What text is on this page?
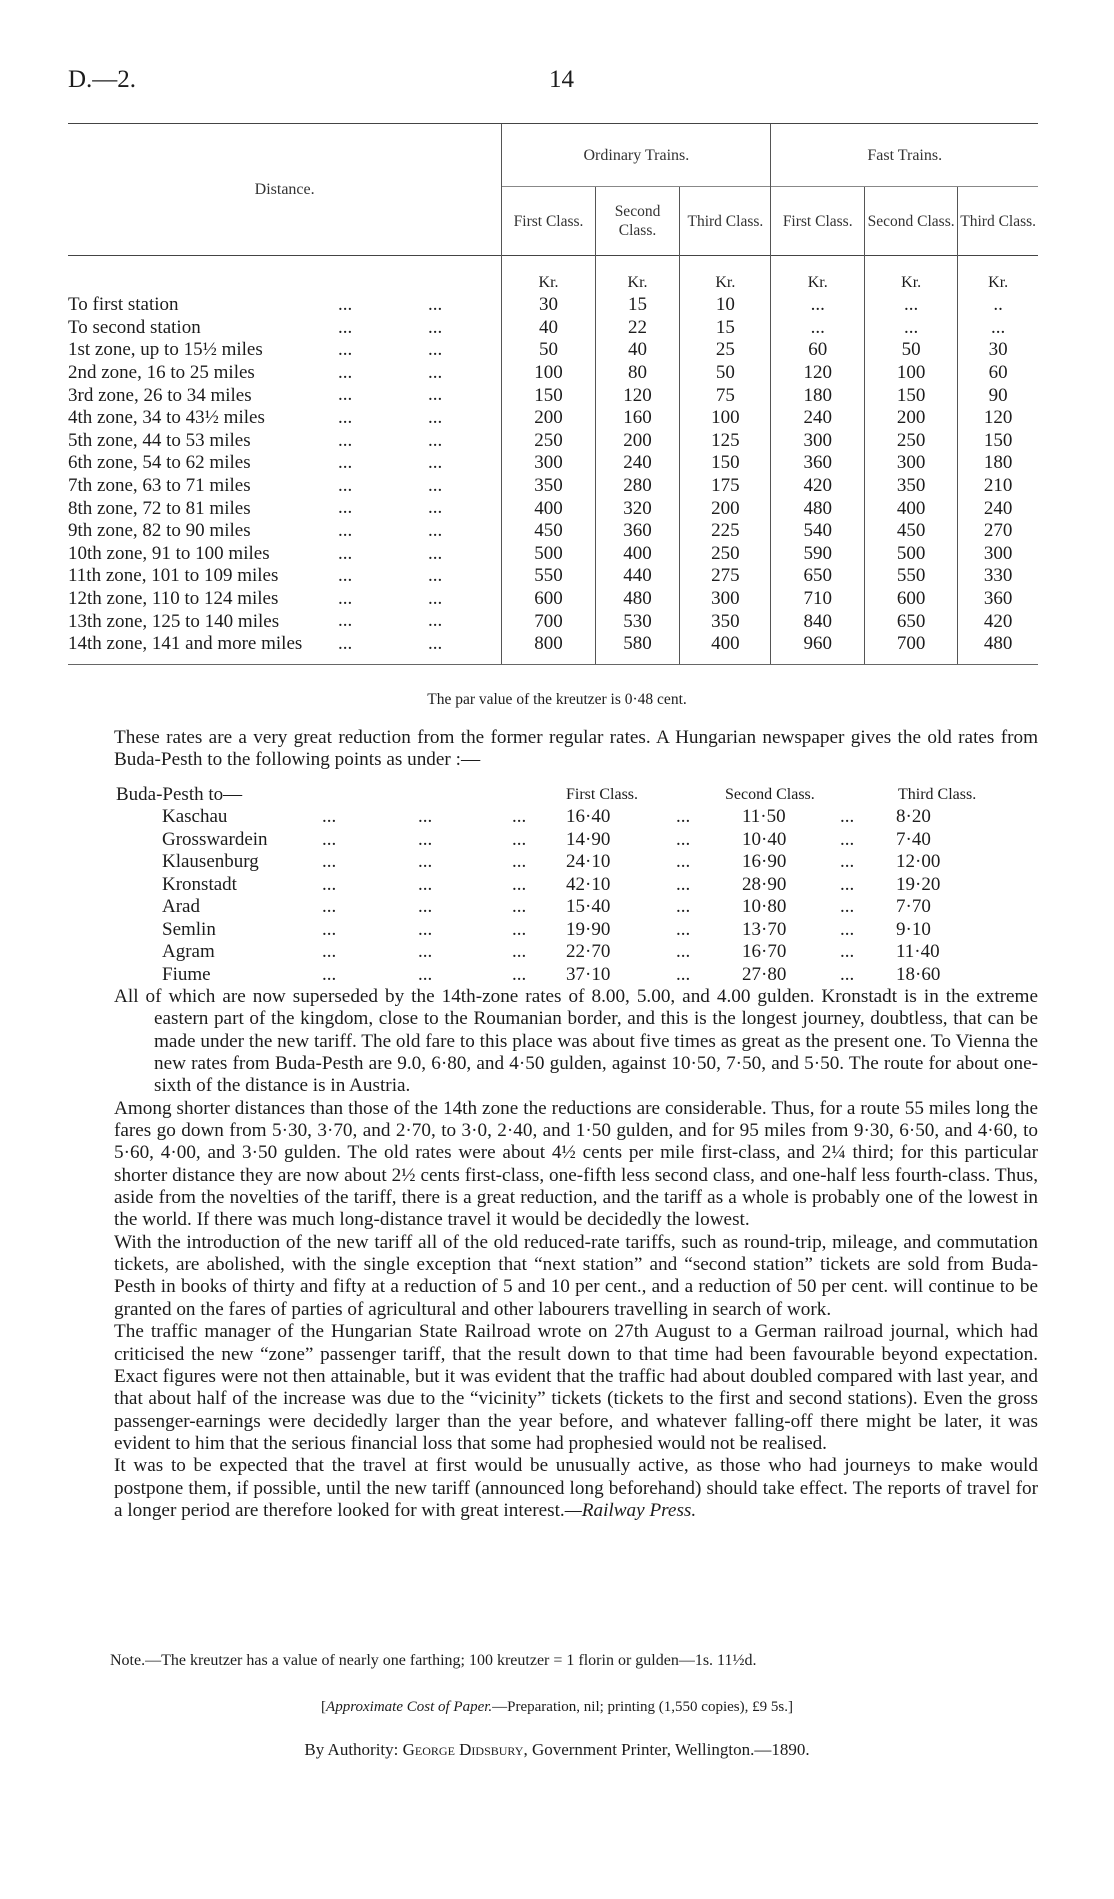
D.—2.	14
Distance.	Ordinary Trains.			Fast Trains.		
	First Class.	Second Class.	Third Class.	First Class.	Second Class.	Third Class.
	Kr.	Kr.	Kr.	Kr.	Kr.	Kr.
To first station ... ...	30	15	10	...	...	..
To second station ... ...	40	22	15	...	...	...
1st zone, up to 15½ miles ... ...	50	40	25	60	50	30
2nd zone, 16 to 25 miles ... ...	100	80	50	120	100	60
3rd zone, 26 to 34 miles ... ...	150	120	75	180	150	90
4th zone, 34 to 43½ miles ... ...	200	160	100	240	200	120
5th zone, 44 to 53 miles ... ...	250	200	125	300	250	150
6th zone, 54 to 62 miles ... ...	300	240	150	360	300	180
7th zone, 63 to 71 miles ... ...	350	280	175	420	350	210
8th zone, 72 to 81 miles ... ...	400	320	200	480	400	240
9th zone, 82 to 90 miles ... ...	450	360	225	540	450	270
10th zone, 91 to 100 miles ... ...	500	400	250	590	500	300
11th zone, 101 to 109 miles ... ...	550	440	275	650	550	330
12th zone, 110 to 124 miles ... ...	600	480	300	710	600	360
13th zone, 125 to 140 miles ... ...	700	530	350	840	650	420
14th zone, 141 and more miles ... ...	800	580	400	960	700	480
The par value of the kreutzer is 0·48 cent.

These rates are a very great reduction from the former regular rates. A Hungarian newspaper gives the old rates from Buda-Pesth to the following points as under :—

Buda-Pesth to—	First Class.	Second Class.	Third Class.
Kaschau	...	...	... 16·40	...	11·50	... 8·20
Grosswardein	...	...	... 14·90	...	10·40	... 7·40
Klausenburg	...	...	... 24·10	...	16·90	... 12·00
Kronstadt	...	...	... 42·10	...	28·90	... 19·20
Arad	...	...	... 15·40	...	10·80	... 7·70
Semlin	...	...	... 19·90	...	13·70	... 9·10
Agram	...	...	... 22·70	...	16·70	... 11·40
Fiume	...	...	... 37·10	...	27·80	... 18·60

All of which are now superseded by the 14th-zone rates of 8.00, 5.00, and 4.00 gulden. Kronstadt is in the extreme eastern part of the kingdom, close to the Roumanian border, and this is the longest journey, doubtless, that can be made under the new tariff. The old fare to this place was about five times as great as the present one. To Vienna the new rates from Buda-Pesth are 9.0, 6·80, and 4·50 gulden, against 10·50, 7·50, and 5·50. The route for about one-sixth of the distance is in Austria.

Among shorter distances than those of the 14th zone the reductions are considerable. Thus, for a route 55 miles long the fares go down from 5·30, 3·70, and 2·70, to 3·0, 2·40, and 1·50 gulden, and for 95 miles from 9·30, 6·50, and 4·60, to 5·60, 4·00, and 3·50 gulden. The old rates were about 4½ cents per mile first-class, and 2¼ third; for this particular shorter distance they are now about 2½ cents first-class, one-fifth less second class, and one-half less fourth-class. Thus, aside from the novelties of the tariff, there is a great reduction, and the tariff as a whole is probably one of the lowest in the world. If there was much long-distance travel it would be decidedly the lowest.

With the introduction of the new tariff all of the old reduced-rate tariffs, such as round-trip, mileage, and commutation tickets, are abolished, with the single exception that “next station” and “second station” tickets are sold from Buda-Pesth in books of thirty and fifty at a reduction of 5 and 10 per cent., and a reduction of 50 per cent. will continue to be granted on the fares of parties of agricultural and other labourers travelling in search of work.

The traffic manager of the Hungarian State Railroad wrote on 27th August to a German railroad journal, which had criticised the new “zone” passenger tariff, that the result down to that time had been favourable beyond expectation. Exact figures were not then attainable, but it was evident that the traffic had about doubled compared with last year, and that about half of the increase was due to the “vicinity” tickets (tickets to the first and second stations). Even the gross passenger-earnings were decidedly larger than the year before, and whatever falling-off there might be later, it was evident to him that the serious financial loss that some had prophesied would not be realised.

It was to be expected that the travel at first would be unusually active, as those who had journeys to make would postpone them, if possible, until the new tariff (announced long beforehand) should take effect. The reports of travel for a longer period are therefore looked for with great interest.—Railway Press.

Note.—The kreutzer has a value of nearly one farthing; 100 kreutzer = 1 florin or gulden—1s. 11½d.
[Approximate Cost of Paper.—Preparation, nil; printing (1,550 copies), £9 5s.]
By Authority: George Didsbury, Government Printer, Wellington.—1890.
